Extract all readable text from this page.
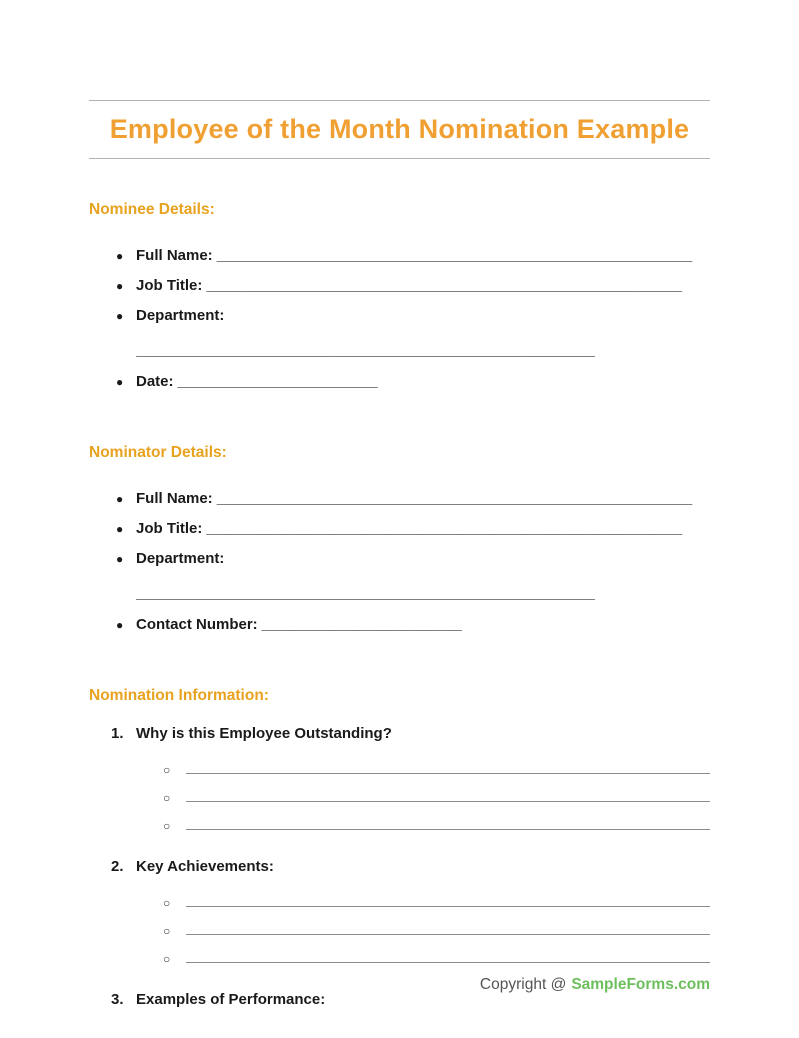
Employee of the Month Nomination Example
Nominee Details:
● Full Name: _________________________________________________________
● Job Title: _________________________________________________________
● Department:
_______________________________________________________
● Date: ________________________
Nominator Details:
● Full Name: _________________________________________________________
● Job Title: _________________________________________________________
● Department:
_______________________________________________________
● Contact Number: ________________________
Nomination Information:
1. Why is this Employee Outstanding?
○
○
○
2. Key Achievements:
○
○
○
3. Examples of Performance:
Copyright @ SampleForms.com
